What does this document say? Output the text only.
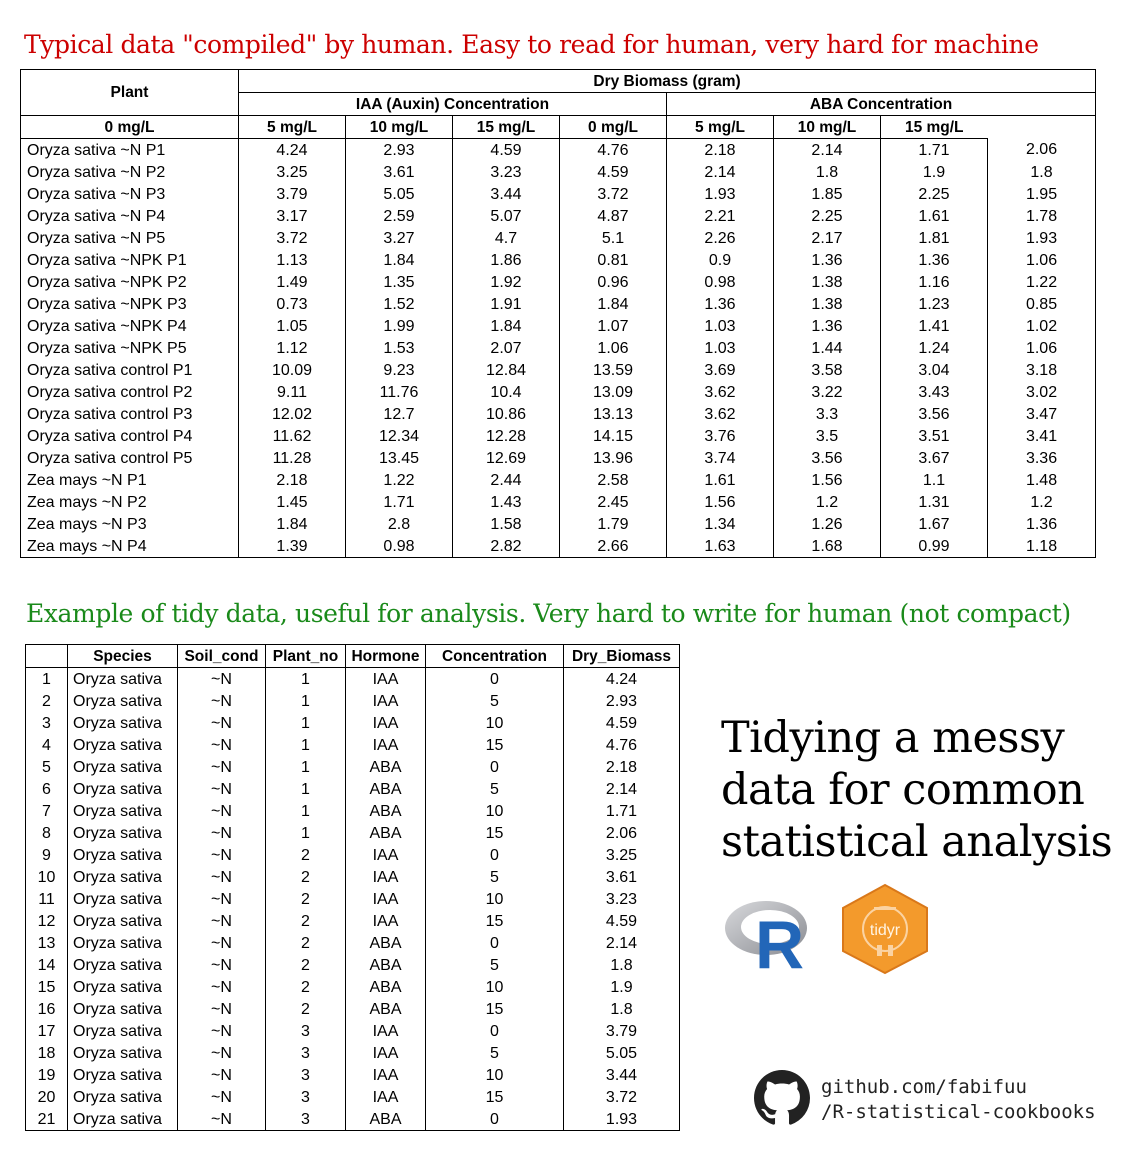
Typical data "compiled" by human. Easy to read for human, very hard for machine
Plant	Dry Biomass (gram)							
	IAA (Auxin) Concentration				ABA Concentration			
0 mg/L	5 mg/L	10 mg/L	15 mg/L	0 mg/L	5 mg/L	10 mg/L	15 mg/L	
Oryza sativa ~N P1	4.24	2.93	4.59	4.76	2.18	2.14	1.71	2.06
Oryza sativa ~N P2	3.25	3.61	3.23	4.59	2.14	1.8	1.9	1.8
Oryza sativa ~N P3	3.79	5.05	3.44	3.72	1.93	1.85	2.25	1.95
Oryza sativa ~N P4	3.17	2.59	5.07	4.87	2.21	2.25	1.61	1.78
Oryza sativa ~N P5	3.72	3.27	4.7	5.1	2.26	2.17	1.81	1.93
Oryza sativa ~NPK P1	1.13	1.84	1.86	0.81	0.9	1.36	1.36	1.06
Oryza sativa ~NPK P2	1.49	1.35	1.92	0.96	0.98	1.38	1.16	1.22
Oryza sativa ~NPK P3	0.73	1.52	1.91	1.84	1.36	1.38	1.23	0.85
Oryza sativa ~NPK P4	1.05	1.99	1.84	1.07	1.03	1.36	1.41	1.02
Oryza sativa ~NPK P5	1.12	1.53	2.07	1.06	1.03	1.44	1.24	1.06
Oryza sativa control P1	10.09	9.23	12.84	13.59	3.69	3.58	3.04	3.18
Oryza sativa control P2	9.11	11.76	10.4	13.09	3.62	3.22	3.43	3.02
Oryza sativa control P3	12.02	12.7	10.86	13.13	3.62	3.3	3.56	3.47
Oryza sativa control P4	11.62	12.34	12.28	14.15	3.76	3.5	3.51	3.41
Oryza sativa control P5	11.28	13.45	12.69	13.96	3.74	3.56	3.67	3.36
Zea mays ~N P1	2.18	1.22	2.44	2.58	1.61	1.56	1.1	1.48
Zea mays ~N P2	1.45	1.71	1.43	2.45	1.56	1.2	1.31	1.2
Zea mays ~N P3	1.84	2.8	1.58	1.79	1.34	1.26	1.67	1.36
Zea mays ~N P4	1.39	0.98	2.82	2.66	1.63	1.68	0.99	1.18
Example of tidy data, useful for analysis. Very hard to write for human (not compact)
	Species	Soil_cond	Plant_no	Hormone	Concentration	Dry_Biomass
1	Oryza sativa	~N	1	IAA	0	4.24
2	Oryza sativa	~N	1	IAA	5	2.93
3	Oryza sativa	~N	1	IAA	10	4.59
4	Oryza sativa	~N	1	IAA	15	4.76
5	Oryza sativa	~N	1	ABA	0	2.18
6	Oryza sativa	~N	1	ABA	5	2.14
7	Oryza sativa	~N	1	ABA	10	1.71
8	Oryza sativa	~N	1	ABA	15	2.06
9	Oryza sativa	~N	2	IAA	0	3.25
10	Oryza sativa	~N	2	IAA	5	3.61
11	Oryza sativa	~N	2	IAA	10	3.23
12	Oryza sativa	~N	2	IAA	15	4.59
13	Oryza sativa	~N	2	ABA	0	2.14
14	Oryza sativa	~N	2	ABA	5	1.8
15	Oryza sativa	~N	2	ABA	10	1.9
16	Oryza sativa	~N	2	ABA	15	1.8
17	Oryza sativa	~N	3	IAA	0	3.79
18	Oryza sativa	~N	3	IAA	5	5.05
19	Oryza sativa	~N	3	IAA	10	3.44
20	Oryza sativa	~N	3	IAA	15	3.72
21	Oryza sativa	~N	3	ABA	0	1.93
Tidying a messy
data for common
statistical analysis
R	tidyr
github.com/fabifuu
/R-statistical-cookbooks
